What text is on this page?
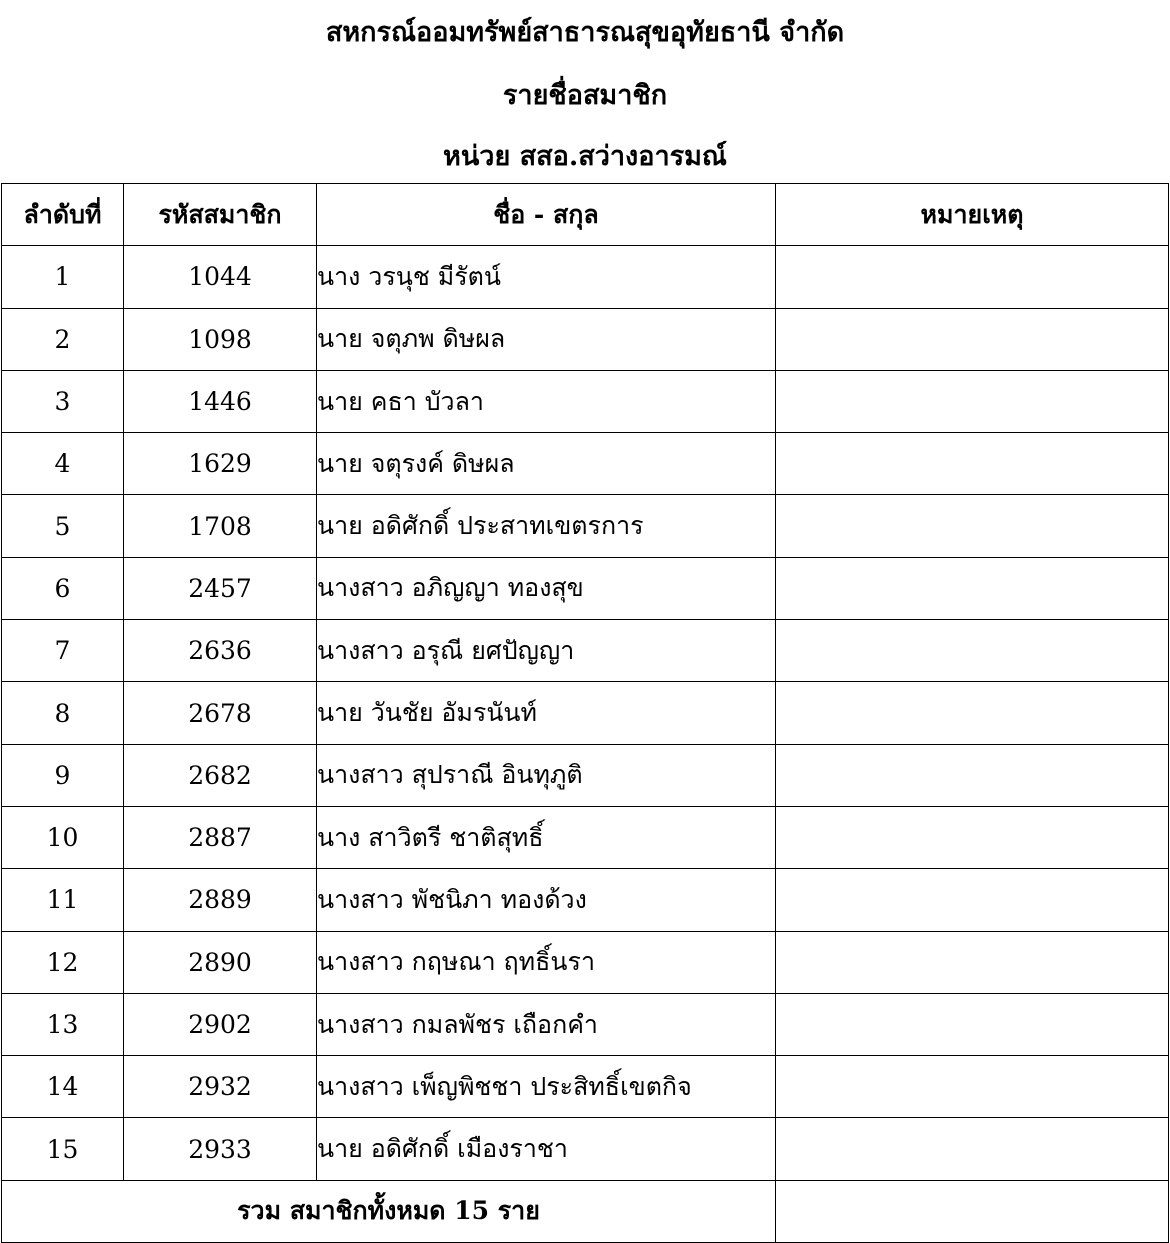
สหกรณ์ออมทรัพย์สาธารณสุขอุทัยธานี จำกัด
รายชื่อสมาชิก
หน่วย สสอ.สว่างอารมณ์
ลำดับที่	รหัสสมาชิก	ชื่อ - สกุล	หมายเหตุ
1	1044	นาง วรนุช มีรัตน์	
2	1098	นาย จตุภพ ดิษผล	
3	1446	นาย คธา บัวลา	
4	1629	นาย จตุรงค์ ดิษผล	
5	1708	นาย อดิศักดิ์ ประสาทเขตรการ	
6	2457	นางสาว อภิญญา ทองสุข	
7	2636	นางสาว อรุณี ยศปัญญา	
8	2678	นาย วันชัย อัมรนันท์	
9	2682	นางสาว สุปราณี อินทุภูติ	
10	2887	นาง สาวิตรี ชาติสุทธิ์	
11	2889	นางสาว พัชนิภา ทองด้วง	
12	2890	นางสาว กฤษณา ฤทธิ์นรา	
13	2902	นางสาว กมลพัชร เถือกคำ	
14	2932	นางสาว เพ็ญพิชชา ประสิทธิ์เขตกิจ	
15	2933	นาย อดิศักดิ์ เมืองราชา	
รวม สมาชิกทั้งหมด 15 ราย			
